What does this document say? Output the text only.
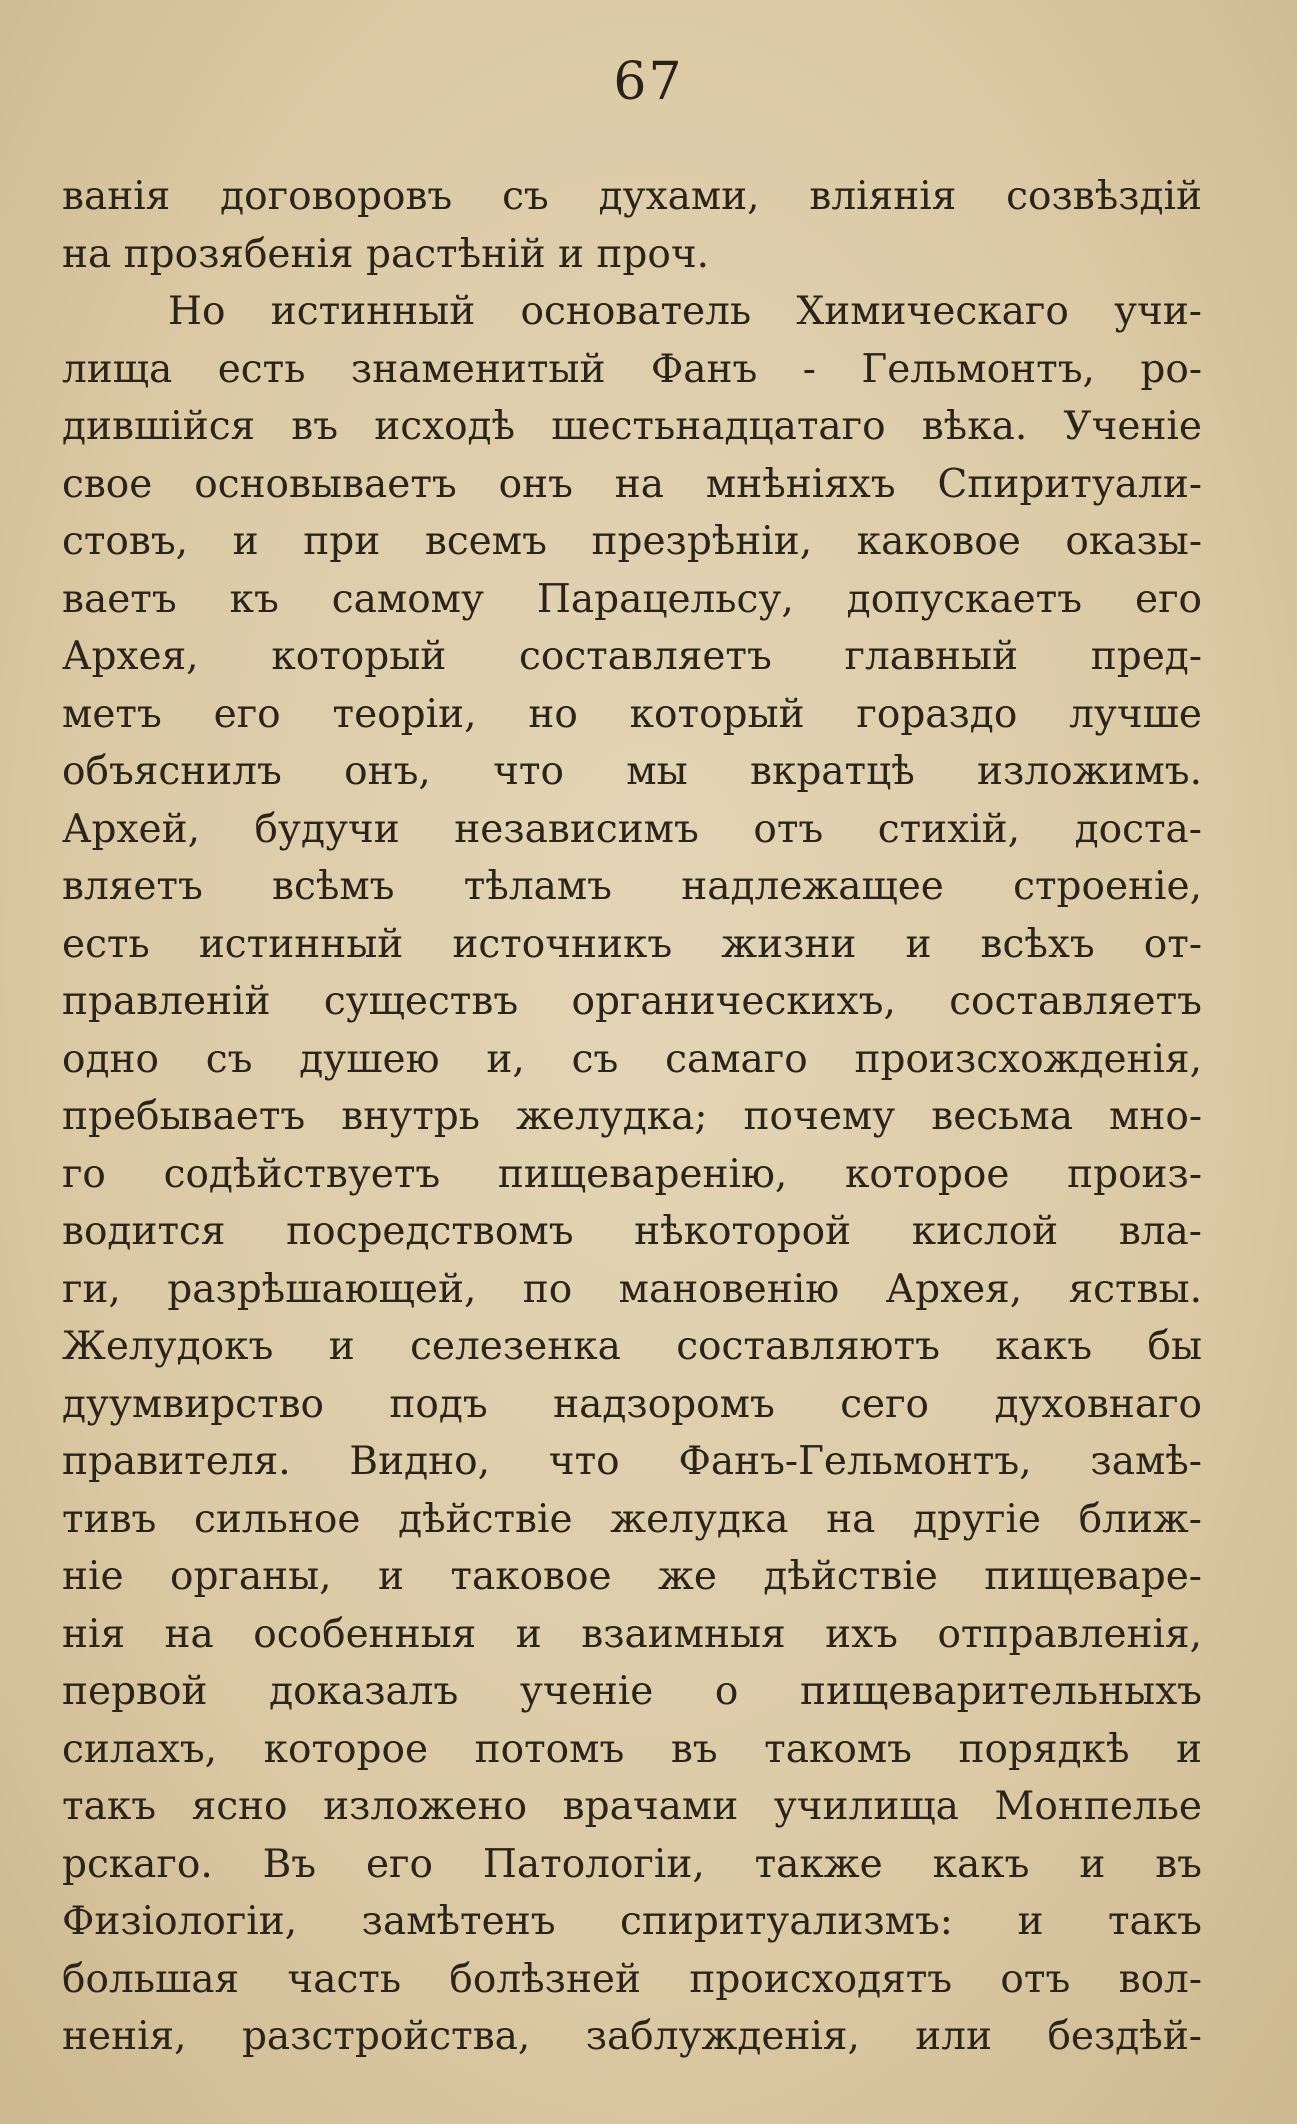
67
ванія договоровъ съ духами, вліянія созвѣздій
на прозябенія растѣній и проч.
Но истинный основатель Химическаго учи-
лища есть знаменитый Фанъ - Гельмонтъ, ро-
дившійся въ исходѣ шестьнадцатаго вѣка. Ученіе
свое основываетъ онъ на мнѣніяхъ Спиритуали-
стовъ, и при всемъ презрѣніи, каковое оказы-
ваетъ къ самому Парацельсу, допускаетъ его
Архея, который составляетъ главный пред-
метъ его теоріи, но который гораздо лучше
объяснилъ онъ, что мы вкратцѣ изложимъ.
Архей, будучи независимъ отъ стихій, доста-
вляетъ всѣмъ тѣламъ надлежащее строеніе,
есть истинный источникъ жизни и всѣхъ от-
правленій существъ органическихъ, составляетъ
одно съ душею и, съ самаго произсхожденія,
пребываетъ внутрь желудка; почему весьма мно-
го содѣйствуетъ пищеваренію, которое произ-
водится посредствомъ нѣкоторой кислой вла-
ги, разрѣшающей, по мановенію Архея, яствы.
Желудокъ и селезенка составляютъ какъ бы
дуумвирство подъ надзоромъ сего духовнаго
правителя. Видно, что Фанъ-Гельмонтъ, замѣ-
тивъ сильное дѣйствіе желудка на другіе ближ-
ніе органы, и таковое же дѣйствіе пищеваре-
нія на особенныя и взаимныя ихъ отправленія,
первой доказалъ ученіе о пищеварительныхъ
силахъ, которое потомъ въ такомъ порядкѣ и
такъ ясно изложено врачами училища Монпелье
рскаго. Въ его Патологіи, также какъ и въ
Физіологіи, замѣтенъ спиритуализмъ: и такъ
большая часть болѣзней происходятъ отъ вол-
ненія, разстройства, заблужденія, или бездѣй-
